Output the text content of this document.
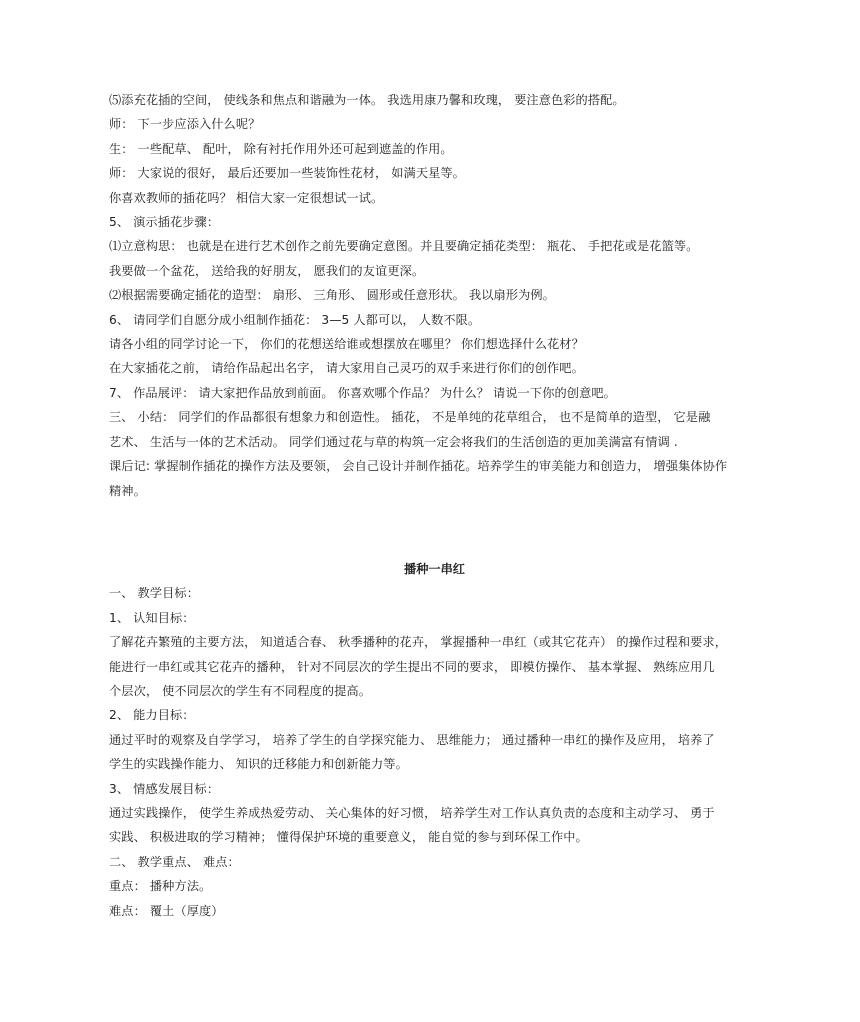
⑸添充花插的空间， 使线条和焦点和谐融为一体。 我选用康乃馨和玫瑰， 要注意色彩的搭配。
师： 下一步应添入什么呢？
生： 一些配草、 配叶， 除有衬托作用外还可起到遮盖的作用。
师： 大家说的很好， 最后还要加一些装饰性花材， 如满天星等。
你喜欢教师的插花吗？ 相信大家一定很想试一试。
5、 演示插花步骤：
⑴立意构思： 也就是在进行艺术创作之前先要确定意图。并且要确定插花类型： 瓶花、 手把花或是花篮等。
我要做一个盆花， 送给我的好朋友， 愿我们的友谊更深。
⑵根据需要确定插花的造型： 扇形、 三角形、 圆形或任意形状。 我以扇形为例。
6、 请同学们自愿分成小组制作插花： 3—5 人都可以， 人数不限。
请各小组的同学讨论一下， 你们的花想送给谁或想摆放在哪里？ 你们想选择什么花材？
在大家插花之前， 请给作品起出名字， 请大家用自己灵巧的双手来进行你们的创作吧。
7、 作品展评： 请大家把作品放到前面。 你喜欢哪个作品？ 为什么？ 请说一下你的创意吧。
三、 小结： 同学们的作品都很有想象力和创造性。 插花， 不是单纯的花草组合， 也不是简单的造型， 它是融
艺术、 生活与一体的艺术活动。 同学们通过花与草的构筑一定会将我们的生活创造的更加美满富有情调 .
课后记: 掌握制作插花的操作方法及要领， 会自己设计并制作插花。培养学生的审美能力和创造力， 增强集体协作
精神。
播种一串红
一、 教学目标：
1、 认知目标：
了解花卉繁殖的主要方法， 知道适合春、 秋季播种的花卉， 掌握播种一串红（或其它花卉） 的操作过程和要求，
能进行一串红或其它花卉的播种， 针对不同层次的学生提出不同的要求， 即模仿操作、 基本掌握、 熟练应用几
个层次， 使不同层次的学生有不同程度的提高。
2、 能力目标：
通过平时的观察及自学学习， 培养了学生的自学探究能力、 思维能力； 通过播种一串红的操作及应用， 培养了
学生的实践操作能力、 知识的迁移能力和创新能力等。
3、 情感发展目标：
通过实践操作， 使学生养成热爱劳动、 关心集体的好习惯， 培养学生对工作认真负责的态度和主动学习、 勇于
实践、 积极进取的学习精神； 懂得保护环境的重要意义， 能自觉的参与到环保工作中。
二、 教学重点、 难点：
重点： 播种方法。
难点： 覆土（厚度）
